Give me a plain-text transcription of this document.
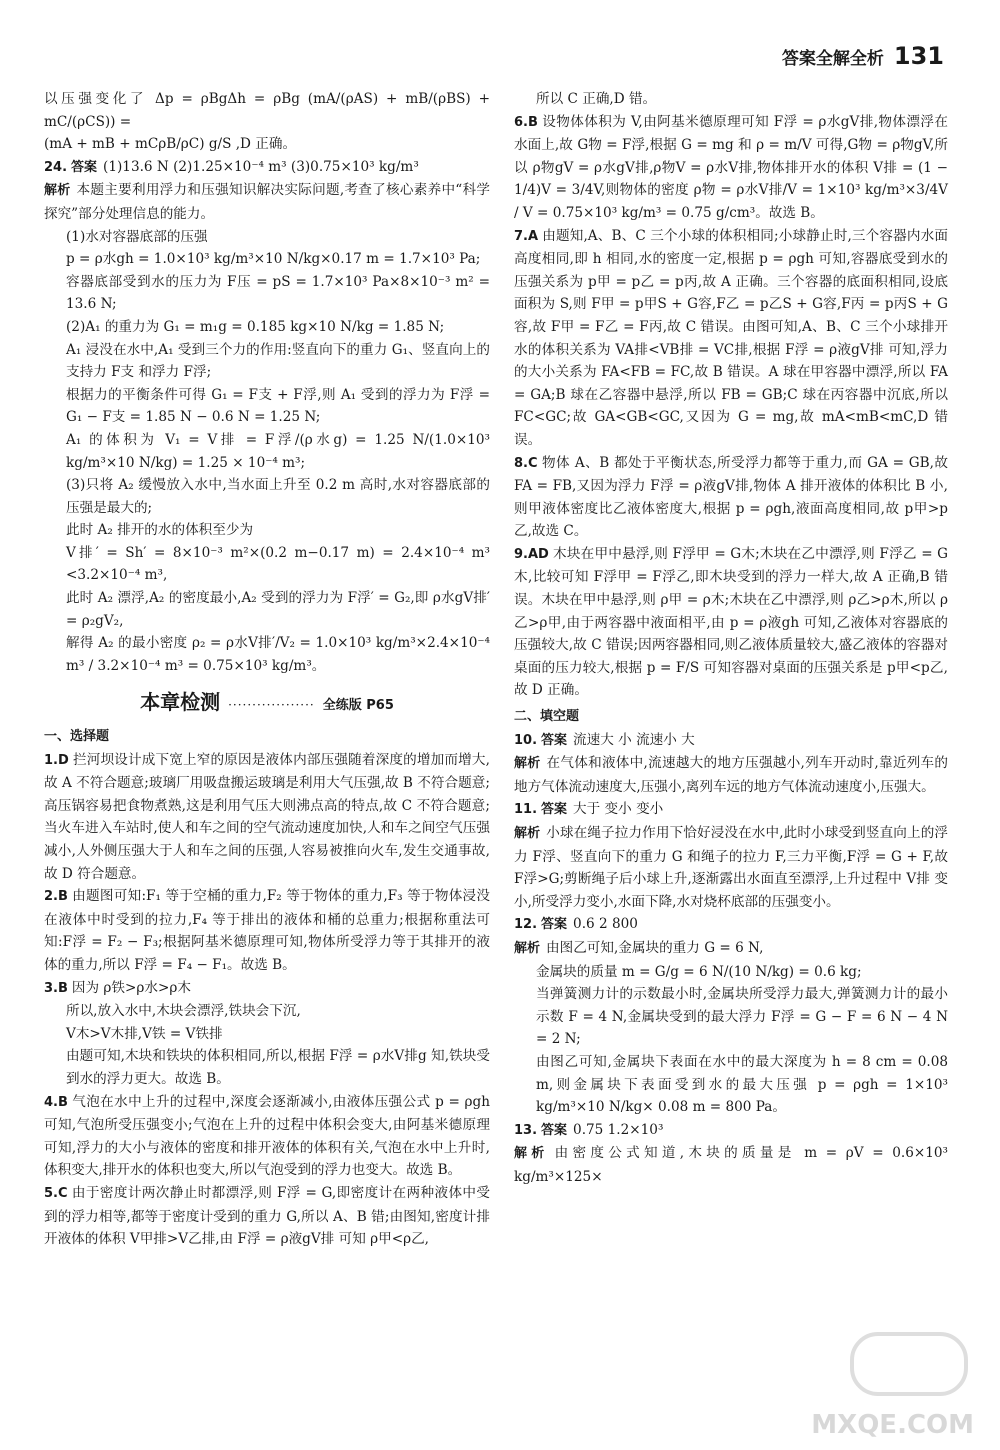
答案全解全析 131

以压强变化了 Δp = ρBgΔh = ρBg (mA/(ρAS) + mB/(ρBS) + mC/(ρCS)) =

(mA + mB + mCρB/ρC) g/S ,D 正确。

24. 答案 (1)13.6 N (2)1.25×10⁻⁴ m³ (3)0.75×10³ kg/m³

解析 本题主要利用浮力和压强知识解决实际问题,考查了核心素养中“科学探究”部分处理信息的能力。

(1)水对容器底部的压强

p = ρ水gh = 1.0×10³ kg/m³×10 N/kg×0.17 m = 1.7×10³ Pa;

容器底部受到水的压力为 F压 = pS = 1.7×10³ Pa×8×10⁻³ m² = 13.6 N;

(2)A₁ 的重力为 G₁ = m₁g = 0.185 kg×10 N/kg = 1.85 N;

A₁ 浸没在水中,A₁ 受到三个力的作用:竖直向下的重力 G₁、竖直向上的支持力 F支 和浮力 F浮;

根据力的平衡条件可得 G₁ = F支 + F浮,则 A₁ 受到的浮力为 F浮 = G₁ − F支 = 1.85 N − 0.6 N = 1.25 N;

A₁ 的体积为 V₁ = V排 = F浮/(ρ水g) = 1.25 N/(1.0×10³ kg/m³×10 N/kg) = 1.25 × 10⁻⁴ m³;

(3)只将 A₂ 缓慢放入水中,当水面上升至 0.2 m 高时,水对容器底部的压强是最大的;

此时 A₂ 排开的水的体积至少为

V排′ = Sh′ = 8×10⁻³ m²×(0.2 m−0.17 m) = 2.4×10⁻⁴ m³ <3.2×10⁻⁴ m³,

此时 A₂ 漂浮,A₂ 的密度最小,A₂ 受到的浮力为 F浮′ = G₂,即 ρ水gV排′ = ρ₂gV₂,

解得 A₂ 的最小密度 ρ₂ = ρ水V排′/V₂ = 1.0×10³ kg/m³×2.4×10⁻⁴ m³ / 3.2×10⁻⁴ m³ = 0.75×10³ kg/m³。

本章检测 ·················· 全练版 P65

一、选择题

1.D 拦河坝设计成下宽上窄的原因是液体内部压强随着深度的增加而增大,故 A 不符合题意;玻璃厂用吸盘搬运玻璃是利用大气压强,故 B 不符合题意;高压锅容易把食物煮熟,这是利用气压大则沸点高的特点,故 C 不符合题意;当火车进入车站时,使人和车之间的空气流动速度加快,人和车之间空气压强减小,人外侧压强大于人和车之间的压强,人容易被推向火车,发生交通事故,故 D 符合题意。

2.B 由题图可知:F₁ 等于空桶的重力,F₂ 等于物体的重力,F₃ 等于物体浸没在液体中时受到的拉力,F₄ 等于排出的液体和桶的总重力;根据称重法可知:F浮 = F₂ − F₃;根据阿基米德原理可知,物体所受浮力等于其排开的液体的重力,所以 F浮 = F₄ − F₁。故选 B。

3.B 因为 ρ铁>ρ水>ρ木

所以,放入水中,木块会漂浮,铁块会下沉,

V木>V木排,V铁 = V铁排

由题可知,木块和铁块的体积相同,所以,根据 F浮 = ρ水V排g 知,铁块受到水的浮力更大。故选 B。

4.B 气泡在水中上升的过程中,深度会逐渐减小,由液体压强公式 p = ρgh 可知,气泡所受压强变小;气泡在上升的过程中体积会变大,由阿基米德原理可知,浮力的大小与液体的密度和排开液体的体积有关,气泡在水中上升时,体积变大,排开水的体积也变大,所以气泡受到的浮力也变大。故选 B。

5.C 由于密度计两次静止时都漂浮,则 F浮 = G,即密度计在两种液体中受到的浮力相等,都等于密度计受到的重力 G,所以 A、B 错;由图知,密度计排开液体的体积 V甲排>V乙排,由 F浮 = ρ液gV排 可知 ρ甲<ρ乙,

所以 C 正确,D 错。

6.B 设物体体积为 V,由阿基米德原理可知 F浮 = ρ水gV排,物体漂浮在水面上,故 G物 = F浮,根据 G = mg 和 ρ = m/V 可得,G物 = ρ物gV,所以 ρ物gV = ρ水gV排,ρ物V = ρ水V排,物体排开水的体积 V排 = (1 − 1/4)V = 3/4V,则物体的密度 ρ物 = ρ水V排/V = 1×10³ kg/m³×3/4V / V = 0.75×10³ kg/m³ = 0.75 g/cm³。故选 B。

7.A 由题知,A、B、C 三个小球的体积相同;小球静止时,三个容器内水面高度相同,即 h 相同,水的密度一定,根据 p = ρgh 可知,容器底受到水的压强关系为 p甲 = p乙 = p丙,故 A 正确。三个容器的底面积相同,设底面积为 S,则 F甲 = p甲S + G容,F乙 = p乙S + G容,F丙 = p丙S + G容,故 F甲 = F乙 = F丙,故 C 错误。由图可知,A、B、C 三个小球排开水的体积关系为 VA排<VB排 = VC排,根据 F浮 = ρ液gV排 可知,浮力的大小关系为 FA<FB = FC,故 B 错误。A 球在甲容器中漂浮,所以 FA = GA;B 球在乙容器中悬浮,所以 FB = GB;C 球在丙容器中沉底,所以 FC<GC;故 GA<GB<GC,又因为 G = mg,故 mA<mB<mC,D 错误。

8.C 物体 A、B 都处于平衡状态,所受浮力都等于重力,而 GA = GB,故 FA = FB,又因为浮力 F浮 = ρ液gV排,物体 A 排开液体的体积比 B 小,则甲液体密度比乙液体密度大,根据 p = ρgh,液面高度相同,故 p甲>p乙,故选 C。

9.AD 木块在甲中悬浮,则 F浮甲 = G木;木块在乙中漂浮,则 F浮乙 = G木,比较可知 F浮甲 = F浮乙,即木块受到的浮力一样大,故 A 正确,B 错误。木块在甲中悬浮,则 ρ甲 = ρ木;木块在乙中漂浮,则 ρ乙>ρ木,所以 ρ乙>ρ甲,由于两容器中液面相平,由 p = ρ液gh 可知,乙液体对容器底的压强较大,故 C 错误;因两容器相同,则乙液体质量较大,盛乙液体的容器对桌面的压力较大,根据 p = F/S 可知容器对桌面的压强关系是 p甲<p乙,故 D 正确。

二、填空题

10. 答案 流速大 小 流速小 大

解析 在气体和液体中,流速越大的地方压强越小,列车开动时,靠近列车的地方气体流动速度大,压强小,离列车远的地方气体流动速度小,压强大。

11. 答案 大于 变小 变小

解析 小球在绳子拉力作用下恰好浸没在水中,此时小球受到竖直向上的浮力 F浮、竖直向下的重力 G 和绳子的拉力 F,三力平衡,F浮 = G + F,故 F浮>G;剪断绳子后小球上升,逐渐露出水面直至漂浮,上升过程中 V排 变小,所受浮力变小,水面下降,水对烧杯底部的压强变小。

12. 答案 0.6 2 800

解析 由图乙可知,金属块的重力 G = 6 N,

金属块的质量 m = G/g = 6 N/(10 N/kg) = 0.6 kg;

当弹簧测力计的示数最小时,金属块所受浮力最大,弹簧测力计的最小示数 F = 4 N,金属块受到的最大浮力 F浮 = G − F = 6 N − 4 N = 2 N;

由图乙可知,金属块下表面在水中的最大深度为 h = 8 cm = 0.08 m,则金属块下表面受到水的最大压强 p = ρgh = 1×10³ kg/m³×10 N/kg× 0.08 m = 800 Pa。

13. 答案 0.75 1.2×10³

解析 由密度公式知道,木块的质量是 m = ρV = 0.6×10³ kg/m³×125×

MXQE.COM
